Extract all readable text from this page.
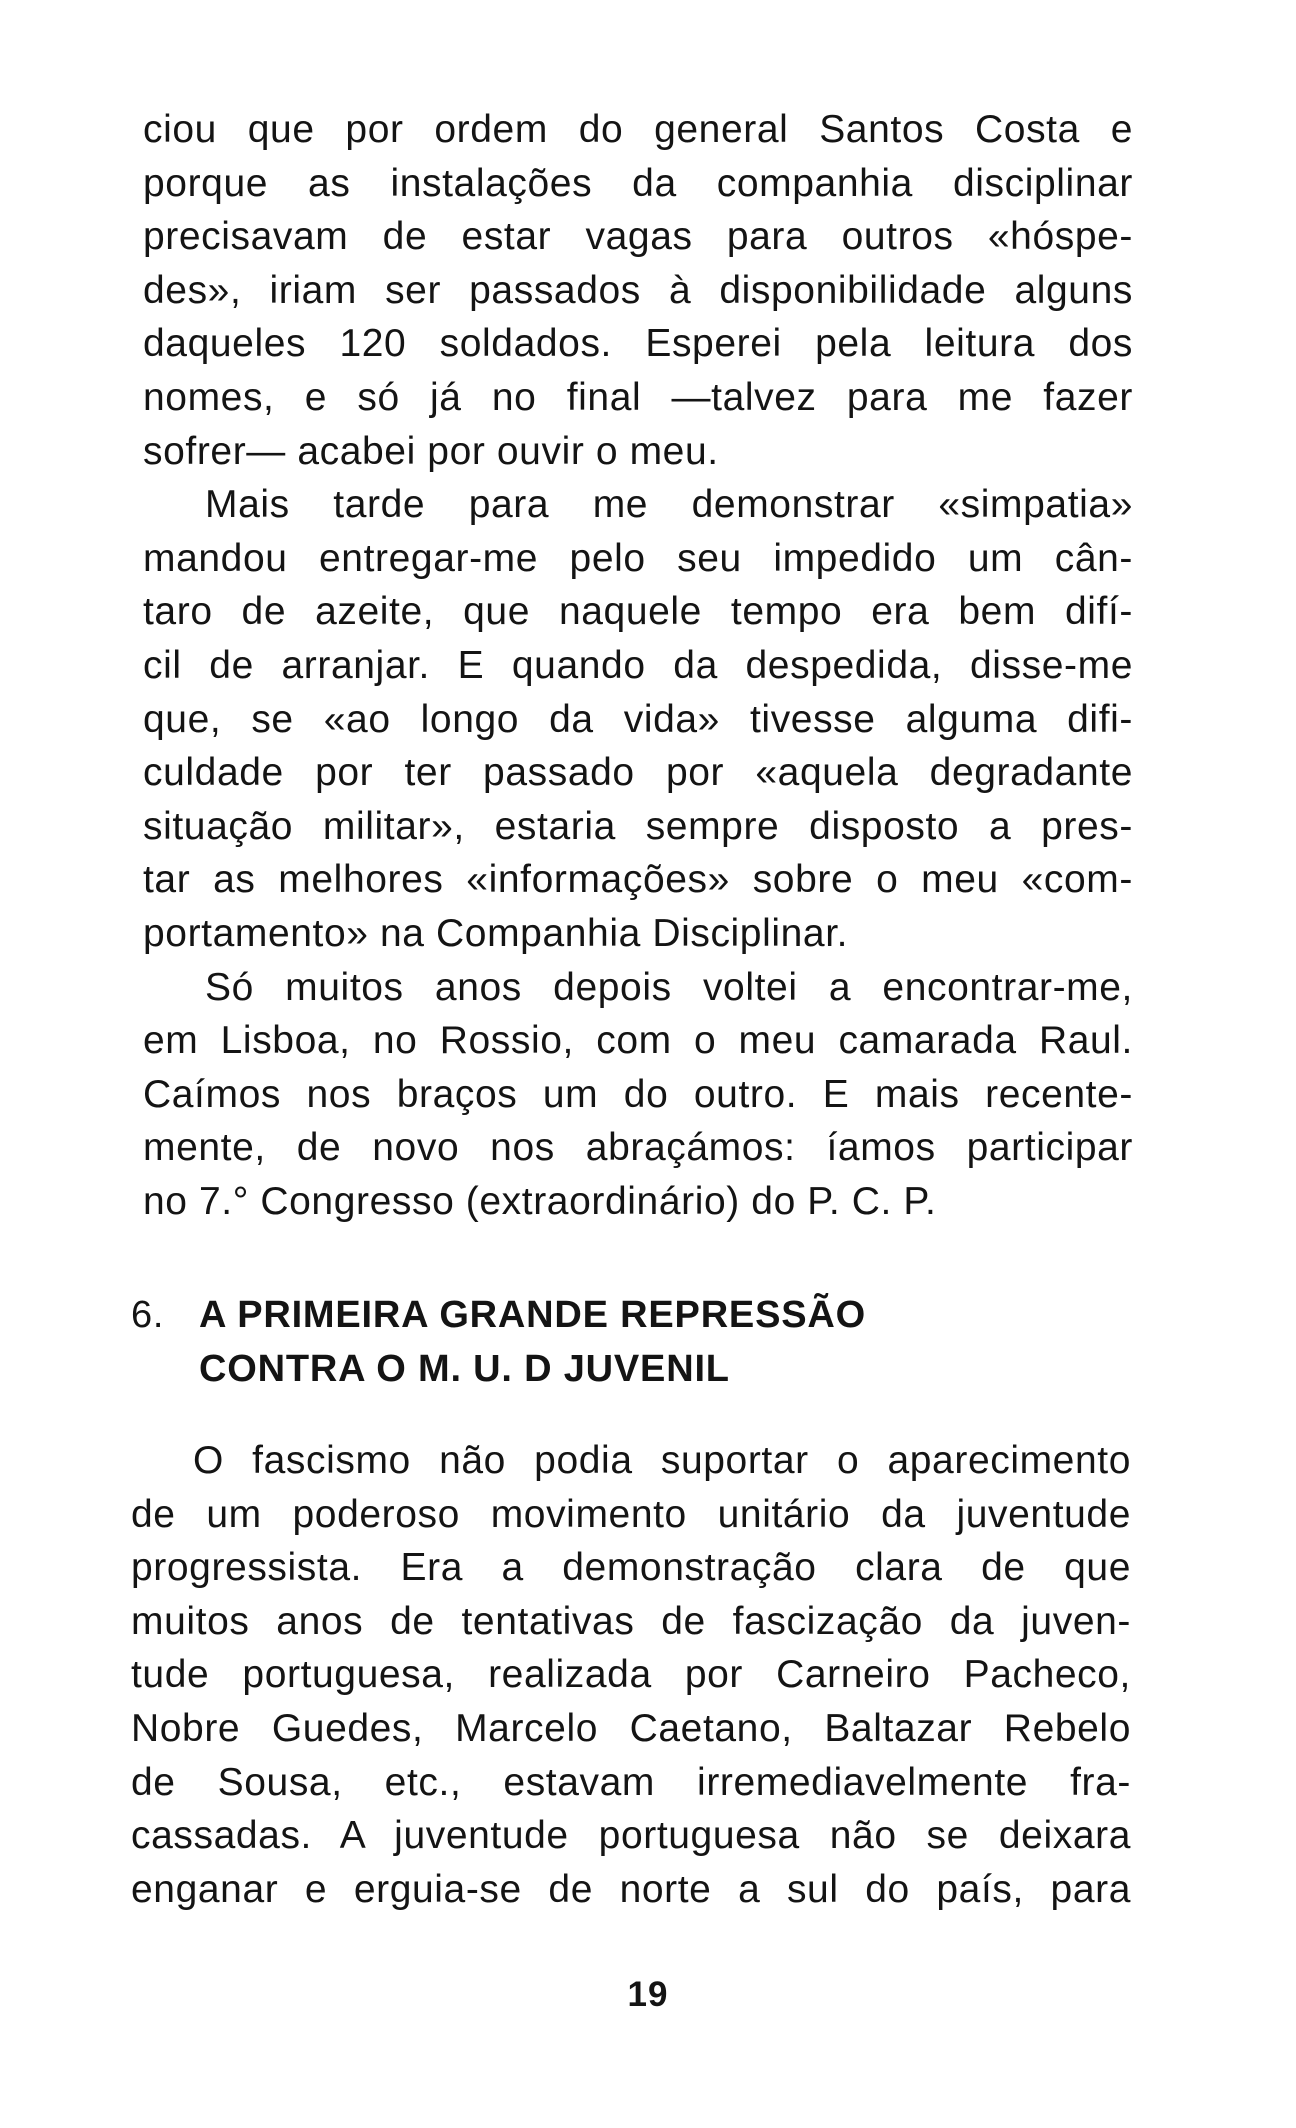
ciou que por ordem do general Santos Costa e
porque as instalações da companhia disciplinar
precisavam de estar vagas para outros «hóspe-
des», iriam ser passados à disponibilidade alguns
daqueles 120 soldados. Esperei pela leitura dos
nomes, e só já no final —talvez para me fazer
sofrer— acabei por ouvir o meu.
Mais tarde para me demonstrar «simpatia»
mandou entregar-me pelo seu impedido um cân-
taro de azeite, que naquele tempo era bem difí-
cil de arranjar. E quando da despedida, disse-me
que, se «ao longo da vida» tivesse alguma difi-
culdade por ter passado por «aquela degradante
situação militar», estaria sempre disposto a pres-
tar as melhores «informações» sobre o meu «com-
portamento» na Companhia Disciplinar.
Só muitos anos depois voltei a encontrar-me,
em Lisboa, no Rossio, com o meu camarada Raul.
Caímos nos braços um do outro. E mais recente-
mente, de novo nos abraçámos: íamos participar
no 7.° Congresso (extraordinário) do P. C. P.
6. A PRIMEIRA GRANDE REPRESSÃO
CONTRA O M. U. D JUVENIL
O fascismo não podia suportar o aparecimento
de um poderoso movimento unitário da juventude
progressista. Era a demonstração clara de que
muitos anos de tentativas de fascização da juven-
tude portuguesa, realizada por Carneiro Pacheco,
Nobre Guedes, Marcelo Caetano, Baltazar Rebelo
de Sousa, etc., estavam irremediavelmente fra-
cassadas. A juventude portuguesa não se deixara
enganar e erguia-se de norte a sul do país, para
19
